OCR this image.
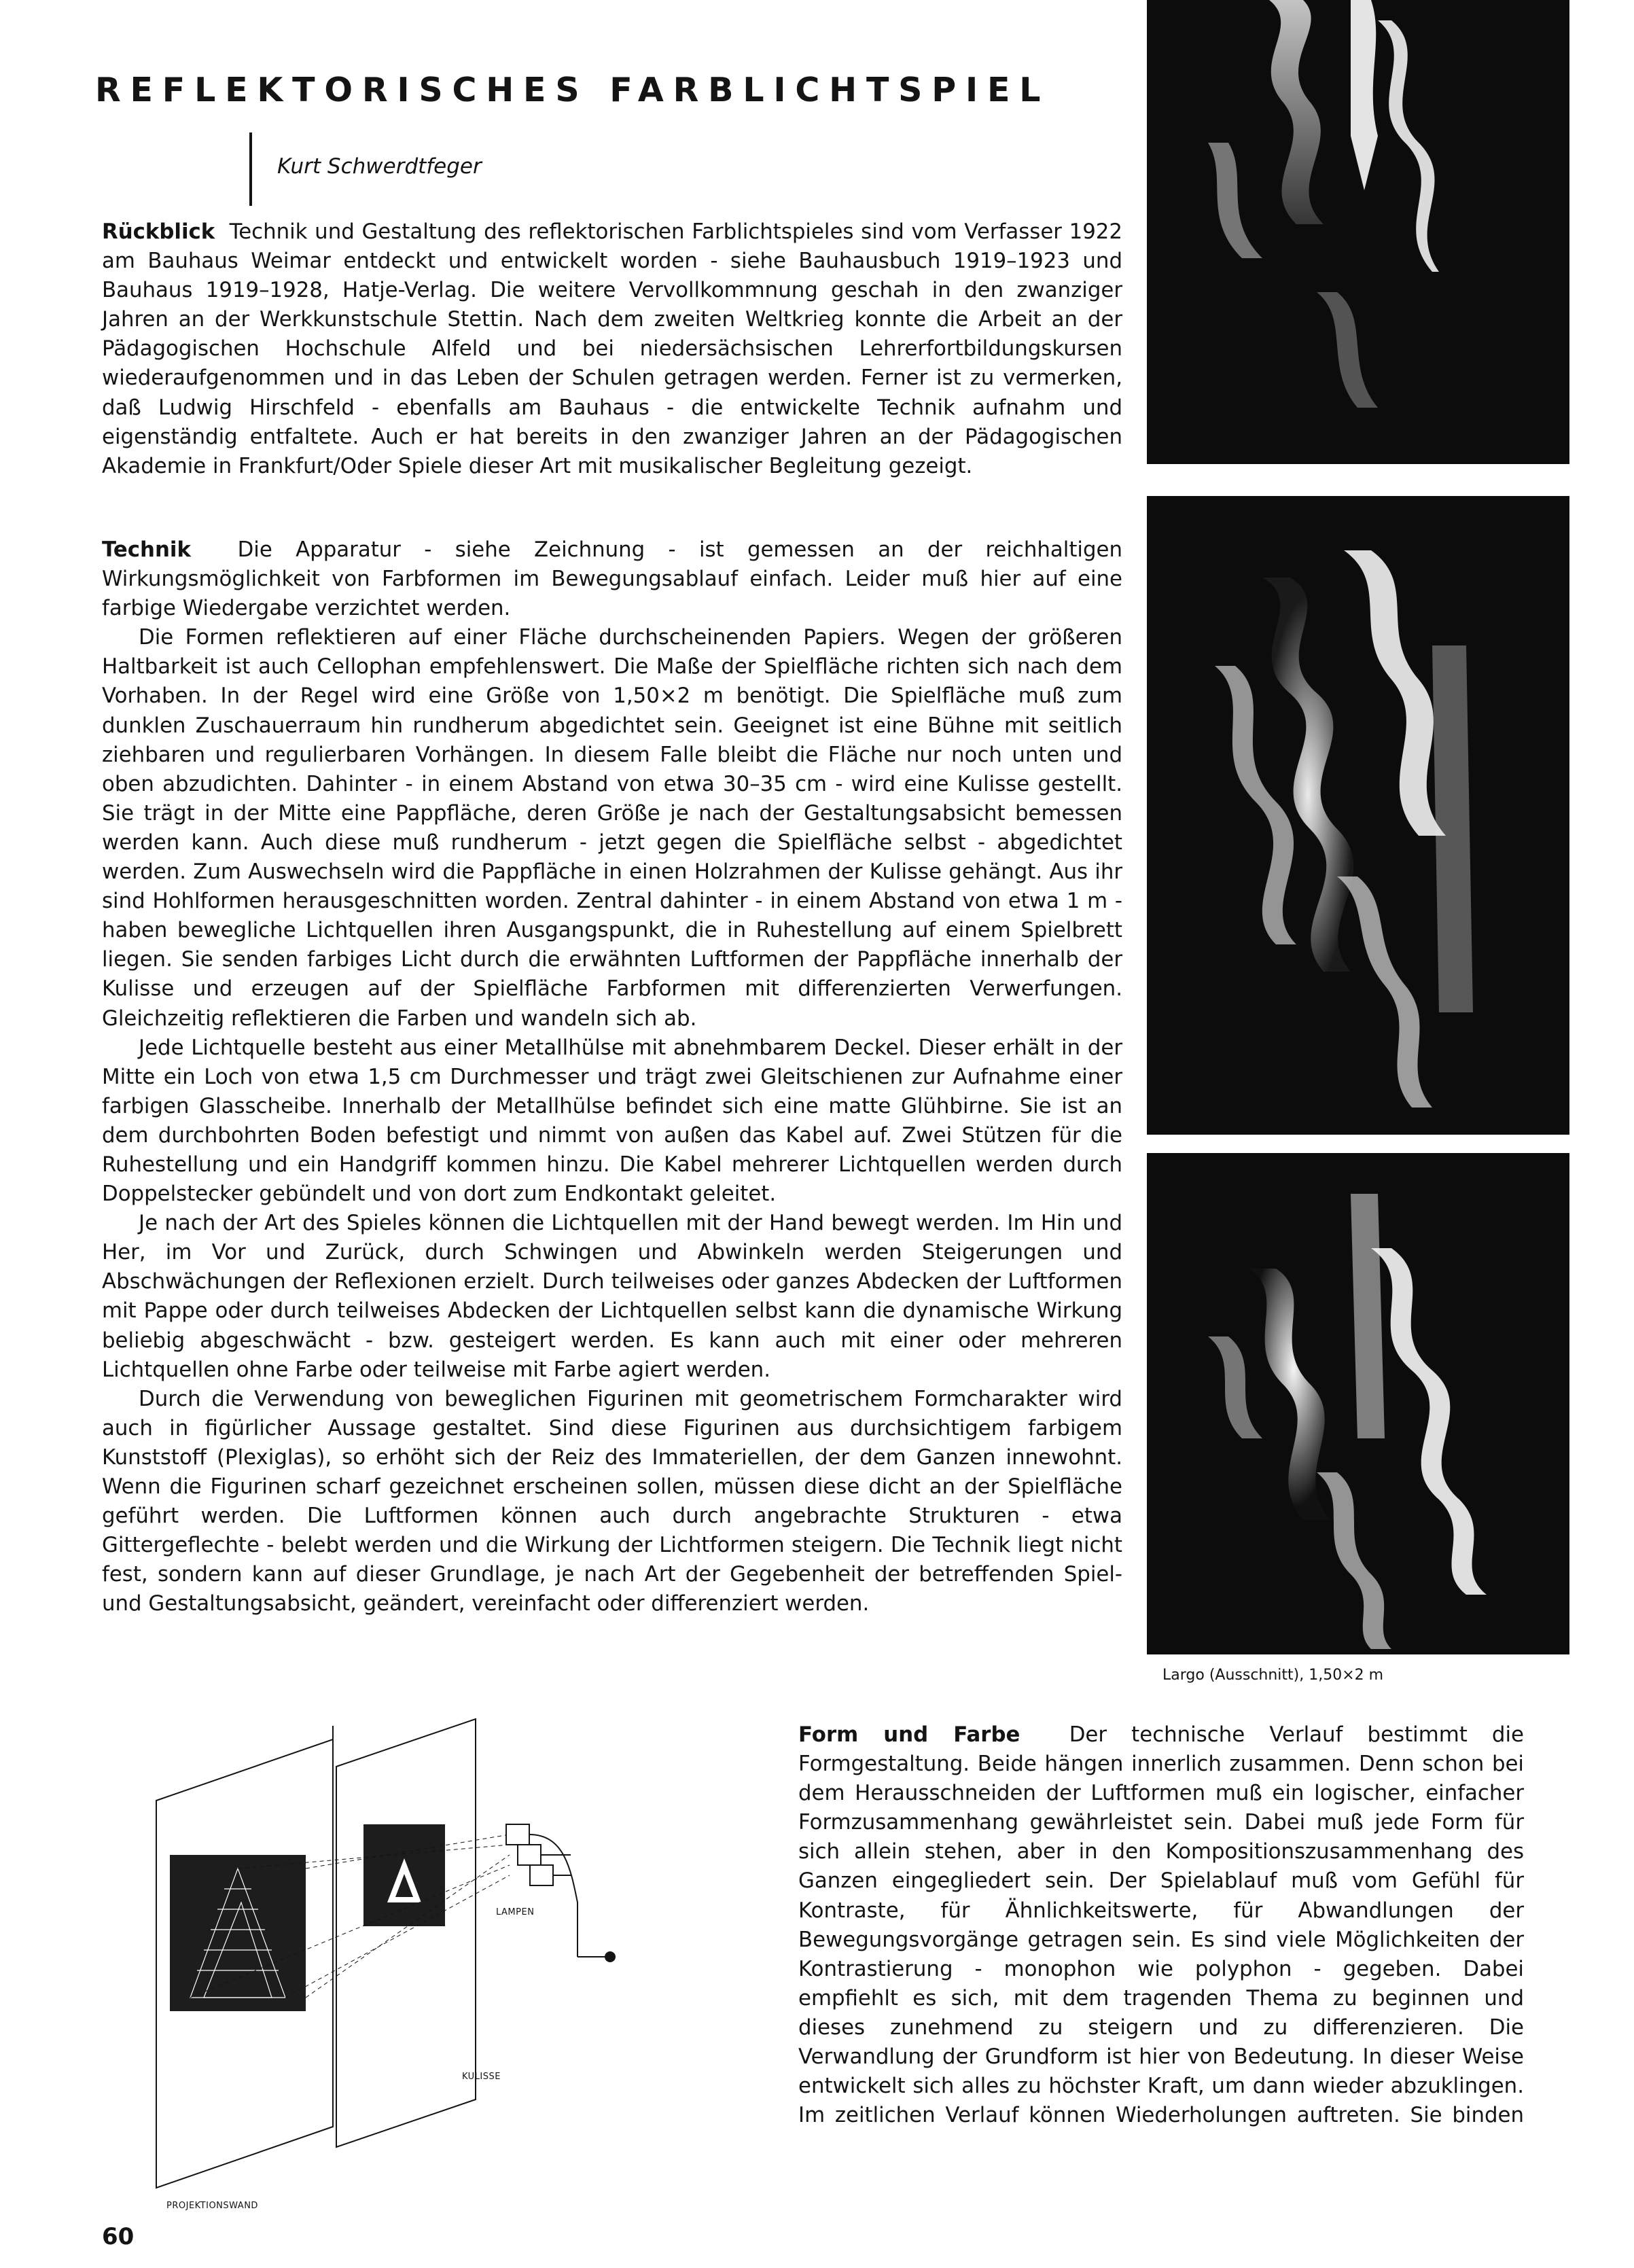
REFLEKTORISCHES FARBLICHTSPIEL
Kurt Schwerdtfeger

Rückblick Technik und Gestaltung des reflektorischen Farblichtspieles sind vom Verfasser 1922 am Bauhaus Weimar entdeckt und entwickelt worden - siehe Bauhausbuch 1919–1923 und Bauhaus 1919–1928, Hatje-Verlag. Die weitere Vervollkommnung geschah in den zwanziger Jahren an der Werkkunstschule Stettin. Nach dem zweiten Weltkrieg konnte die Arbeit an der Pädagogischen Hochschule Alfeld und bei niedersächsischen Lehrerfortbildungskursen wiederaufgenommen und in das Leben der Schulen getragen werden. Ferner ist zu vermerken, daß Ludwig Hirschfeld - ebenfalls am Bauhaus - die entwickelte Technik aufnahm und eigenständig entfaltete. Auch er hat bereits in den zwanziger Jahren an der Pädagogischen Akademie in Frankfurt/Oder Spiele dieser Art mit musikalischer Begleitung gezeigt.

Technik Die Apparatur - siehe Zeichnung - ist gemessen an der reichhaltigen Wirkungsmöglichkeit von Farbformen im Bewegungsablauf einfach. Leider muß hier auf eine farbige Wiedergabe verzichtet werden.

Die Formen reflektieren auf einer Fläche durchscheinenden Papiers. Wegen der größeren Haltbarkeit ist auch Cellophan empfehlenswert. Die Maße der Spielfläche richten sich nach dem Vorhaben. In der Regel wird eine Größe von 1,50×2 m benötigt. Die Spielfläche muß zum dunklen Zuschauerraum hin rundherum abgedichtet sein. Geeignet ist eine Bühne mit seitlich ziehbaren und regulierbaren Vorhängen. In diesem Falle bleibt die Fläche nur noch unten und oben abzudichten. Dahinter - in einem Abstand von etwa 30–35 cm - wird eine Kulisse gestellt. Sie trägt in der Mitte eine Pappfläche, deren Größe je nach der Gestaltungsabsicht bemessen werden kann. Auch diese muß rundherum - jetzt gegen die Spielfläche selbst - abgedichtet werden. Zum Auswechseln wird die Pappfläche in einen Holzrahmen der Kulisse gehängt. Aus ihr sind Hohlformen herausgeschnitten worden. Zentral dahinter - in einem Abstand von etwa 1 m - haben bewegliche Lichtquellen ihren Ausgangspunkt, die in Ruhestellung auf einem Spielbrett liegen. Sie senden farbiges Licht durch die erwähnten Luftformen der Pappfläche innerhalb der Kulisse und erzeugen auf der Spielfläche Farbformen mit differenzierten Verwerfungen. Gleichzeitig reflektieren die Farben und wandeln sich ab.

Jede Lichtquelle besteht aus einer Metallhülse mit abnehmbarem Deckel. Dieser erhält in der Mitte ein Loch von etwa 1,5 cm Durchmesser und trägt zwei Gleitschienen zur Aufnahme einer farbigen Glasscheibe. Innerhalb der Metallhülse befindet sich eine matte Glühbirne. Sie ist an dem durchbohrten Boden befestigt und nimmt von außen das Kabel auf. Zwei Stützen für die Ruhestellung und ein Handgriff kommen hinzu. Die Kabel mehrerer Lichtquellen werden durch Doppelstecker gebündelt und von dort zum Endkontakt geleitet.

Je nach der Art des Spieles können die Lichtquellen mit der Hand bewegt werden. Im Hin und Her, im Vor und Zurück, durch Schwingen und Abwinkeln werden Steigerungen und Abschwächungen der Reflexionen erzielt. Durch teilweises oder ganzes Abdecken der Luftformen mit Pappe oder durch teilweises Abdecken der Lichtquellen selbst kann die dynamische Wirkung beliebig abgeschwächt - bzw. gesteigert werden. Es kann auch mit einer oder mehreren Lichtquellen ohne Farbe oder teilweise mit Farbe agiert werden.

Durch die Verwendung von beweglichen Figurinen mit geometrischem Formcharakter wird auch in figürlicher Aussage gestaltet. Sind diese Figurinen aus durchsichtigem farbigem Kunststoff (Plexiglas), so erhöht sich der Reiz des Immateriellen, der dem Ganzen innewohnt. Wenn die Figurinen scharf gezeichnet erscheinen sollen, müssen diese dicht an der Spielfläche geführt werden. Die Luftformen können auch durch angebrachte Strukturen - etwa Gittergeflechte - belebt werden und die Wirkung der Lichtformen steigern. Die Technik liegt nicht fest, sondern kann auf dieser Grundlage, je nach Art der Gegebenheit der betreffenden Spiel- und Gestaltungsabsicht, geändert, vereinfacht oder differenziert werden.

Largo (Ausschnitt), 1,50×2 m
LAMPEN
KULISSE
PROJEKTIONSWAND

Form und Farbe Der technische Verlauf bestimmt die Formgestaltung. Beide hängen innerlich zusammen. Denn schon bei dem Herausschneiden der Luftformen muß ein logischer, einfacher Formzusammenhang gewährleistet sein. Dabei muß jede Form für sich allein stehen, aber in den Kompositionszusammenhang des Ganzen eingegliedert sein. Der Spielablauf muß vom Gefühl für Kontraste, für Ähnlichkeitswerte, für Abwandlungen der Bewegungsvorgänge getragen sein. Es sind viele Möglichkeiten der Kontrastierung - monophon wie polyphon - gegeben. Dabei empfiehlt es sich, mit dem tragenden Thema zu beginnen und dieses zunehmend zu steigern und zu differenzieren. Die Verwandlung der Grundform ist hier von Bedeutung. In dieser Weise entwickelt sich alles zu höchster Kraft, um dann wieder abzuklingen. Im zeitlichen Verlauf können Wiederholungen auftreten. Sie binden

60
